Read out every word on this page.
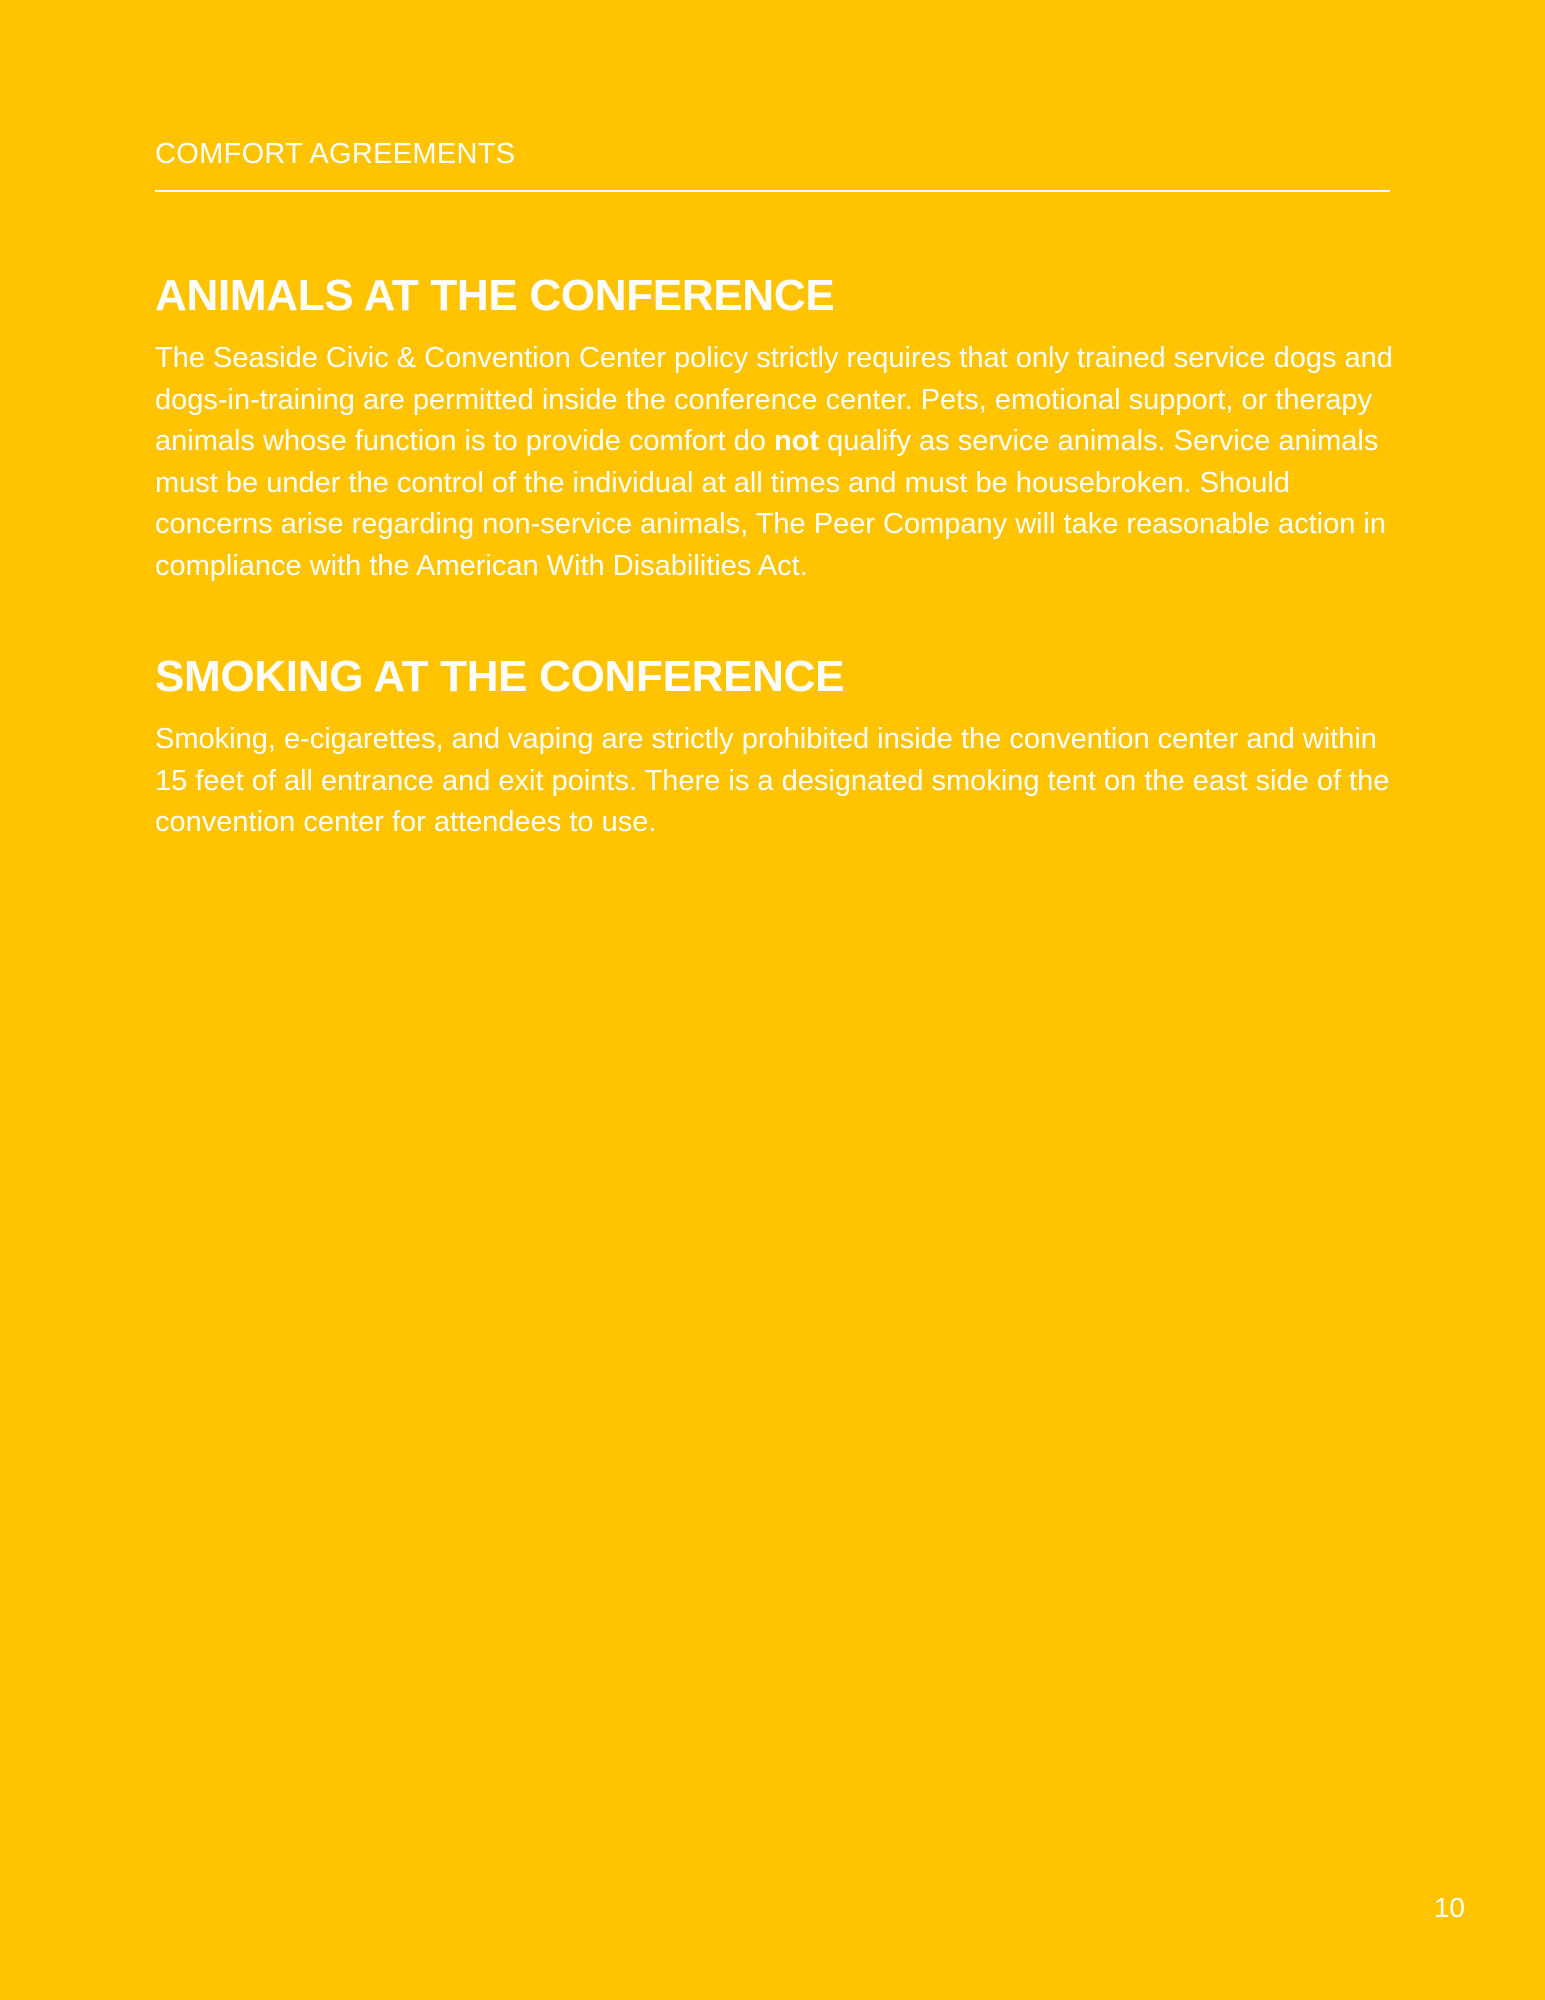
COMFORT AGREEMENTS
ANIMALS AT THE CONFERENCE

The Seaside Civic & Convention Center policy strictly requires that only trained service dogs and dogs-in-training are permitted inside the conference center. Pets, emotional support, or therapy animals whose function is to provide comfort do not qualify as service animals. Service animals must be under the control of the individual at all times and must be housebroken. Should concerns arise regarding non-service animals, The Peer Company will take reasonable action in compliance with the American With Disabilities Act.

SMOKING AT THE CONFERENCE

Smoking, e-cigarettes, and vaping are strictly prohibited inside the convention center and within 15 feet of all entrance and exit points. There is a designated smoking tent on the east side of the convention center for attendees to use.

10
